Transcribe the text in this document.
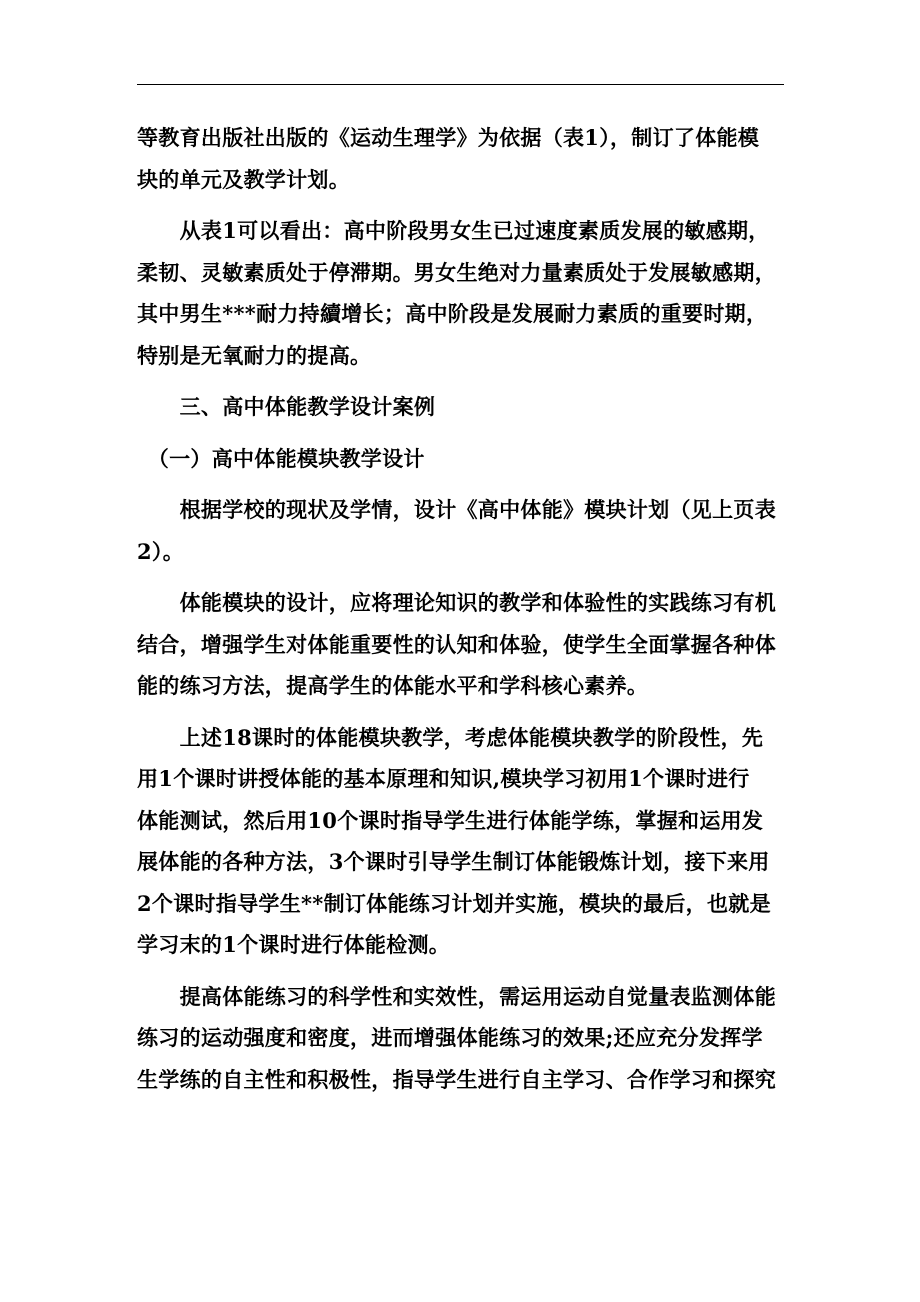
等教育出版社出版的《运动生理学》为依据（表1），制订了体能模
块的单元及教学计划。

　　从表1可以看出：高中阶段男女生已过速度素质发展的敏感期，
柔韧、灵敏素质处于停滞期。男女生绝对力量素质处于发展敏感期，
其中男生***耐力持續增长；高中阶段是发展耐力素质的重要时期，
特别是无氧耐力的提高。

　　三、高中体能教学设计案例

　（一）高中体能模块教学设计

　　根据学校的现状及学情，设计《高中体能》模块计划（见上页表
2）。

　　体能模块的设计，应将理论知识的教学和体验性的实践练习有机
结合，增强学生对体能重要性的认知和体验，使学生全面掌握各种体
能的练习方法，提高学生的体能水平和学科核心素养。

　　上述18课时的体能模块教学，考虑体能模块教学的阶段性，先
用1个课时讲授体能的基本原理和知识,模块学习初用1个课时进行
体能测试，然后用10个课时指导学生进行体能学练，掌握和运用发
展体能的各种方法，3个课时引导学生制订体能锻炼计划，接下来用
2个课时指导学生**制订体能练习计划并实施，模块的最后，也就是
学习末的1个课时进行体能检测。

　　提高体能练习的科学性和实效性，需运用运动自觉量表监测体能
练习的运动强度和密度，进而增强体能练习的效果;还应充分发挥学
生学练的自主性和积极性，指导学生进行自主学习、合作学习和探究
